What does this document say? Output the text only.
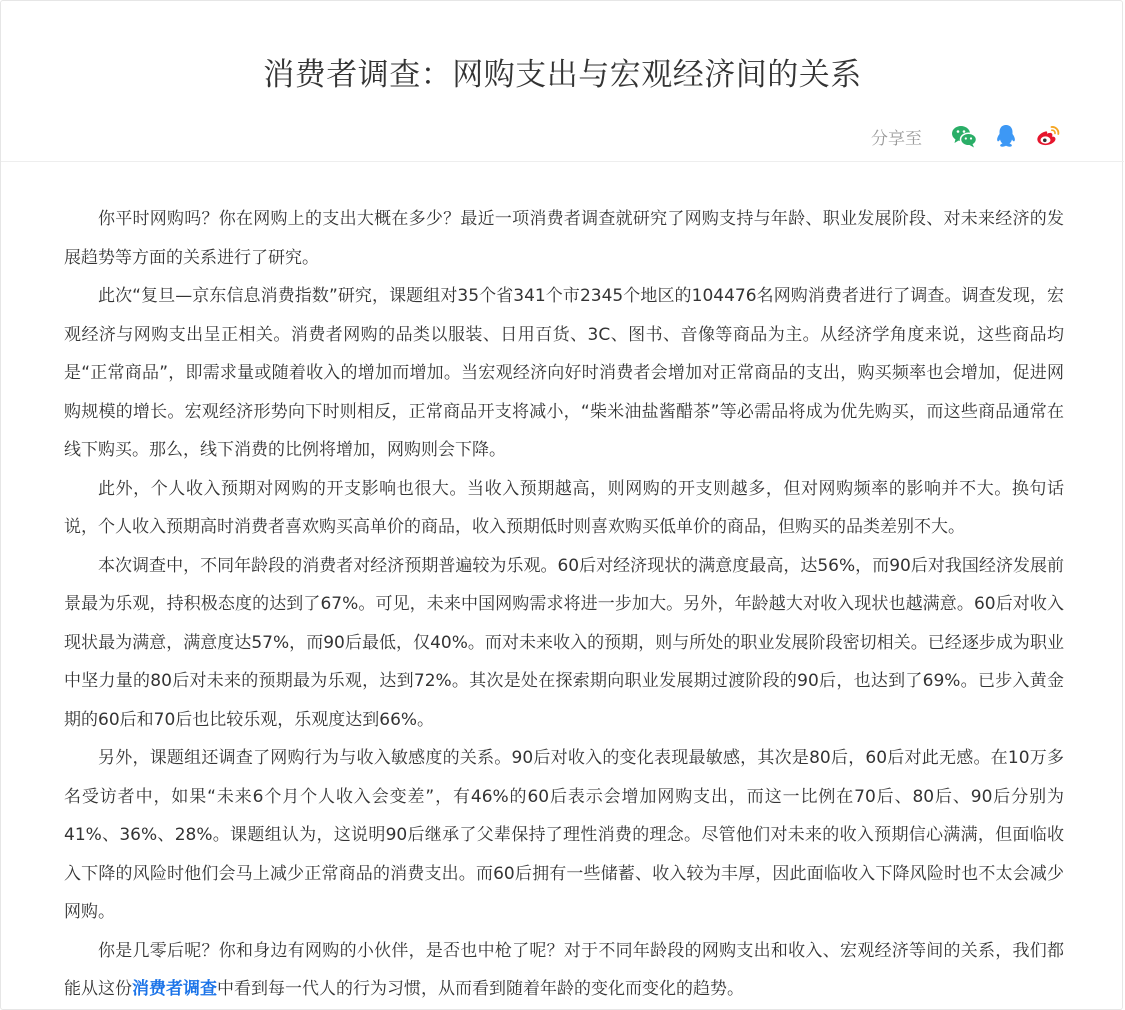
消费者调查：网购支出与宏观经济间的关系
分享至

你平时网购吗？你在网购上的支出大概在多少？最近一项消费者调查就研究了网购支持与年龄、职业发展阶段、对未来经济的发展趋势等方面的关系进行了研究。

此次“复旦—京东信息消费指数”研究，课题组对35个省341个市2345个地区的104476名网购消费者进行了调查。调查发现，宏观经济与网购支出呈正相关。消费者网购的品类以服装、日用百货、3C、图书、音像等商品为主。从经济学角度来说，这些商品均是“正常商品”，即需求量或随着收入的增加而增加。当宏观经济向好时消费者会增加对正常商品的支出，购买频率也会增加，促进网购规模的增长。宏观经济形势向下时则相反，正常商品开支将减小，“柴米油盐酱醋茶”等必需品将成为优先购买，而这些商品通常在线下购买。那么，线下消费的比例将增加，网购则会下降。

此外，个人收入预期对网购的开支影响也很大。当收入预期越高，则网购的开支则越多，但对网购频率的影响并不大。换句话说，个人收入预期高时消费者喜欢购买高单价的商品，收入预期低时则喜欢购买低单价的商品，但购买的品类差别不大。

本次调查中，不同年龄段的消费者对经济预期普遍较为乐观。60后对经济现状的满意度最高，达56%，而90后对我国经济发展前景最为乐观，持积极态度的达到了67%。可见，未来中国网购需求将进一步加大。另外，年龄越大对收入现状也越满意。60后对收入现状最为满意，满意度达57%，而90后最低，仅40%。而对未来收入的预期，则与所处的职业发展阶段密切相关。已经逐步成为职业中坚力量的80后对未来的预期最为乐观，达到72%。其次是处在探索期向职业发展期过渡阶段的90后，也达到了69%。已步入黄金期的60后和70后也比较乐观，乐观度达到66%。

另外，课题组还调查了网购行为与收入敏感度的关系。90后对收入的变化表现最敏感，其次是80后，60后对此无感。在10万多名受访者中，如果“未来6个月个人收入会变差”，有46%的60后表示会增加网购支出，而这一比例在70后、80后、90后分别为41%、36%、28%。课题组认为，这说明90后继承了父辈保持了理性消费的理念。尽管他们对未来的收入预期信心满满，但面临收入下降的风险时他们会马上减少正常商品的消费支出。而60后拥有一些储蓄、收入较为丰厚，因此面临收入下降风险时也不太会减少网购。

你是几零后呢？你和身边有网购的小伙伴，是否也中枪了呢？对于不同年龄段的网购支出和收入、宏观经济等间的关系，我们都能从这份消费者调查中看到每一代人的行为习惯，从而看到随着年龄的变化而变化的趋势。
